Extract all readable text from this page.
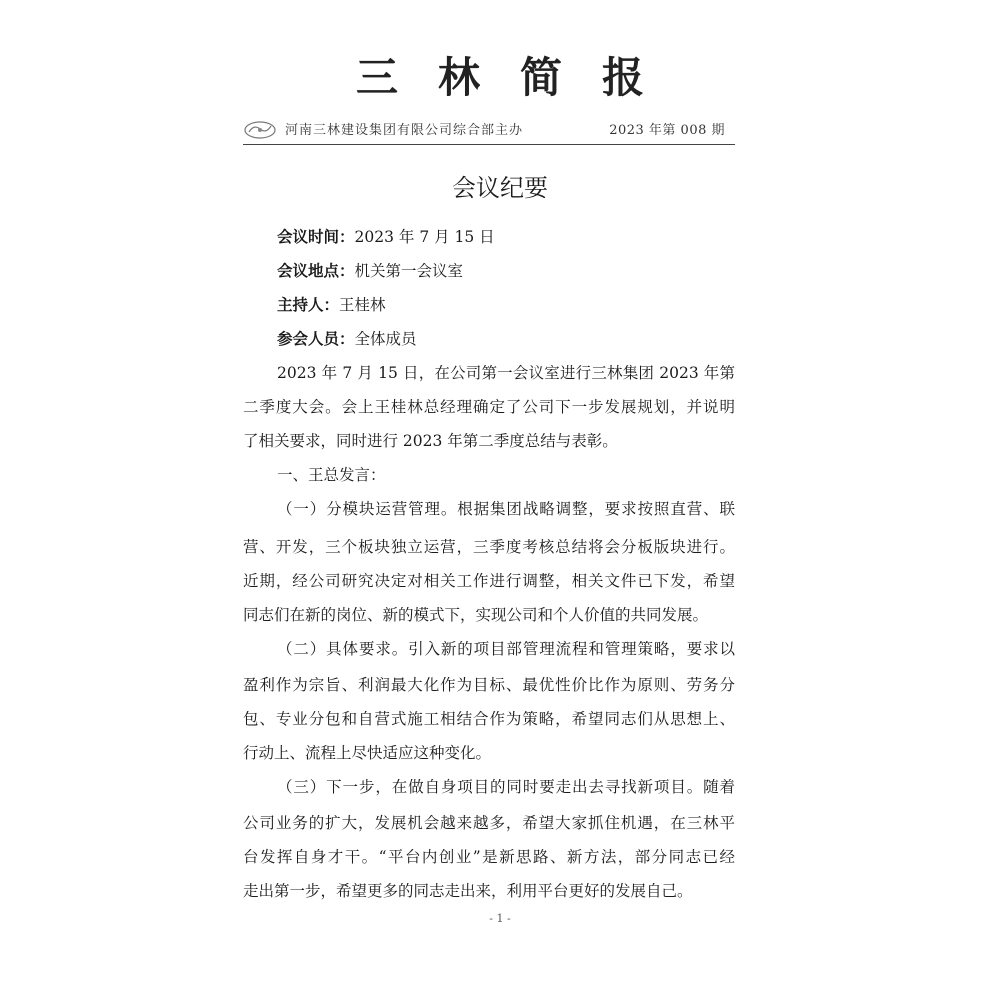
三林简报
河南三林建设集团有限公司综合部主办	2023 年第 008 期
会议纪要
会议时间：2023 年 7 月 15 日
会议地点：机关第一会议室
主持人：王桂林
参会人员：全体成员
2023 年 7 月 15 日，在公司第一会议室进行三林集团 2023 年第
二季度大会。会上王桂林总经理确定了公司下一步发展规划，并说明
了相关要求，同时进行 2023 年第二季度总结与表彰。
一、王总发言：
（一）分模块运营管理。根据集团战略调整，要求按照直营、联
营、开发，三个板块独立运营，三季度考核总结将会分板版块进行。
近期，经公司研究决定对相关工作进行调整，相关文件已下发，希望
同志们在新的岗位、新的模式下，实现公司和个人价值的共同发展。
（二）具体要求。引入新的项目部管理流程和管理策略，要求以
盈利作为宗旨、利润最大化作为目标、最优性价比作为原则、劳务分
包、专业分包和自营式施工相结合作为策略，希望同志们从思想上、
行动上、流程上尽快适应这种变化。
（三）下一步，在做自身项目的同时要走出去寻找新项目。随着
公司业务的扩大，发展机会越来越多，希望大家抓住机遇，在三林平
台发挥自身才干。“平台内创业”是新思路、新方法，部分同志已经
走出第一步，希望更多的同志走出来，利用平台更好的发展自己。
- 1 -
